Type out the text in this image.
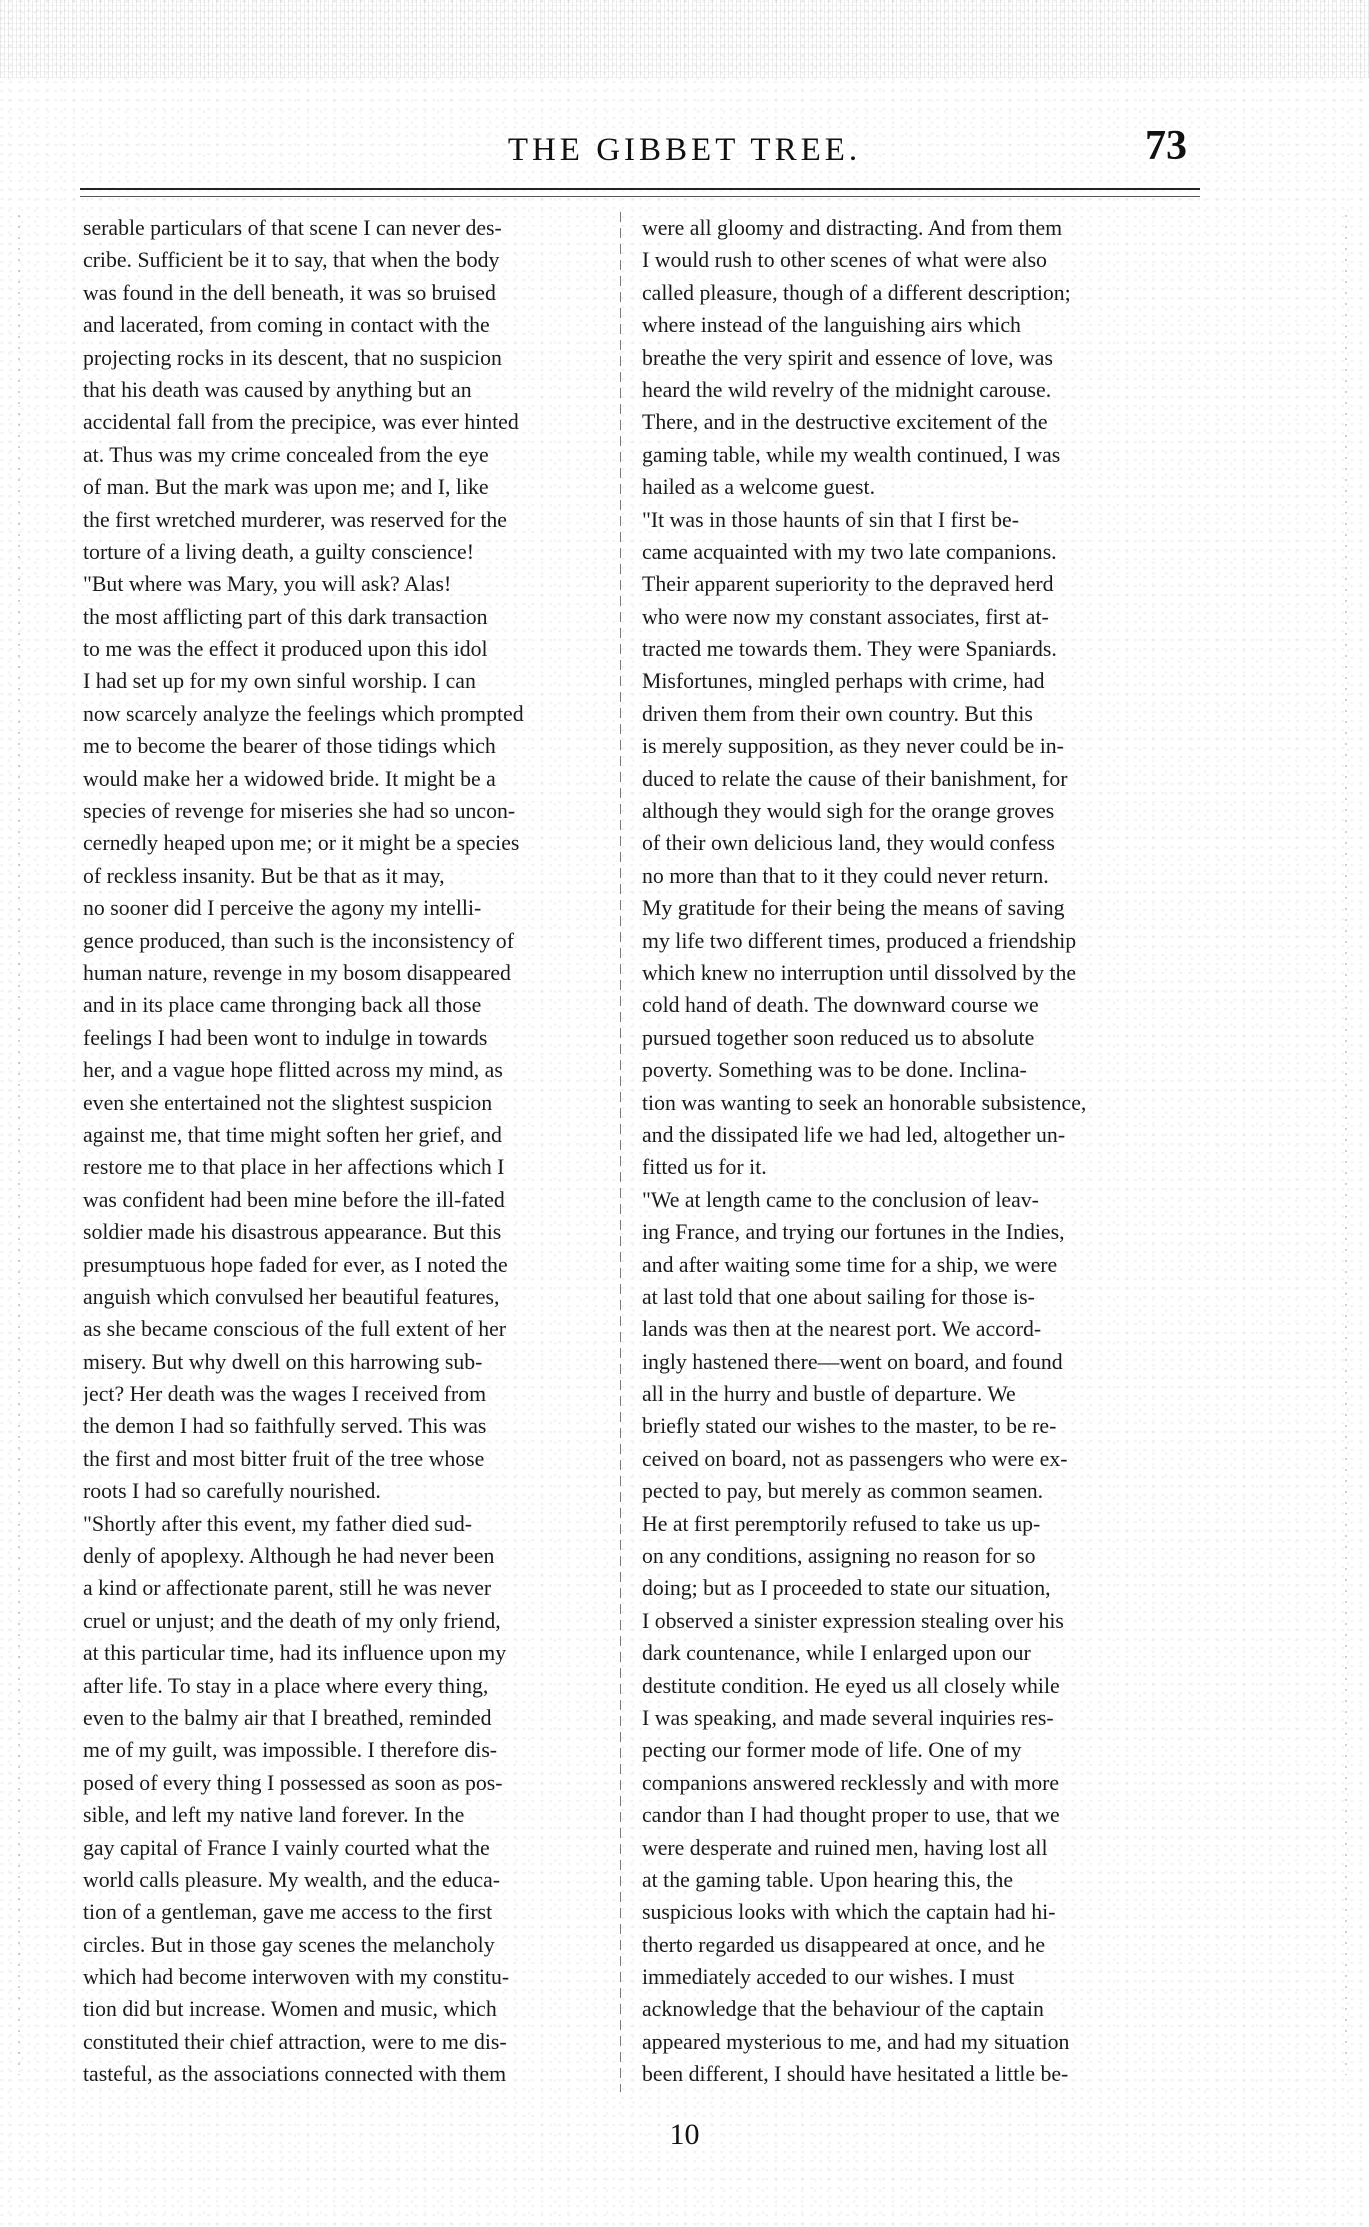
THE GIBBET TREE.	73
serable particulars of that scene I can never des-
cribe. Sufficient be it to say, that when the body
was found in the dell beneath, it was so bruised
and lacerated, from coming in contact with the
projecting rocks in its descent, that no suspicion
that his death was caused by anything but an
accidental fall from the precipice, was ever hinted
at. Thus was my crime concealed from the eye
of man. But the mark was upon me; and I, like
the first wretched murderer, was reserved for the
torture of a living death, a guilty conscience!
"But where was Mary, you will ask? Alas!
the most afflicting part of this dark transaction
to me was the effect it produced upon this idol
I had set up for my own sinful worship. I can
now scarcely analyze the feelings which prompted
me to become the bearer of those tidings which
would make her a widowed bride. It might be a
species of revenge for miseries she had so uncon-
cernedly heaped upon me; or it might be a species
of reckless insanity. But be that as it may,
no sooner did I perceive the agony my intelli-
gence produced, than such is the inconsistency of
human nature, revenge in my bosom disappeared
and in its place came thronging back all those
feelings I had been wont to indulge in towards
her, and a vague hope flitted across my mind, as
even she entertained not the slightest suspicion
against me, that time might soften her grief, and
restore me to that place in her affections which I
was confident had been mine before the ill-fated
soldier made his disastrous appearance. But this
presumptuous hope faded for ever, as I noted the
anguish which convulsed her beautiful features,
as she became conscious of the full extent of her
misery. But why dwell on this harrowing sub-
ject? Her death was the wages I received from
the demon I had so faithfully served. This was
the first and most bitter fruit of the tree whose
roots I had so carefully nourished.
"Shortly after this event, my father died sud-
denly of apoplexy. Although he had never been
a kind or affectionate parent, still he was never
cruel or unjust; and the death of my only friend,
at this particular time, had its influence upon my
after life. To stay in a place where every thing,
even to the balmy air that I breathed, reminded
me of my guilt, was impossible. I therefore dis-
posed of every thing I possessed as soon as pos-
sible, and left my native land forever. In the
gay capital of France I vainly courted what the
world calls pleasure. My wealth, and the educa-
tion of a gentleman, gave me access to the first
circles. But in those gay scenes the melancholy
which had become interwoven with my constitu-
tion did but increase. Women and music, which
constituted their chief attraction, were to me dis-
tasteful, as the associations connected with them
were all gloomy and distracting. And from them
I would rush to other scenes of what were also
called pleasure, though of a different description;
where instead of the languishing airs which
breathe the very spirit and essence of love, was
heard the wild revelry of the midnight carouse.
There, and in the destructive excitement of the
gaming table, while my wealth continued, I was
hailed as a welcome guest.
"It was in those haunts of sin that I first be-
came acquainted with my two late companions.
Their apparent superiority to the depraved herd
who were now my constant associates, first at-
tracted me towards them. They were Spaniards.
Misfortunes, mingled perhaps with crime, had
driven them from their own country. But this
is merely supposition, as they never could be in-
duced to relate the cause of their banishment, for
although they would sigh for the orange groves
of their own delicious land, they would confess
no more than that to it they could never return.
My gratitude for their being the means of saving
my life two different times, produced a friendship
which knew no interruption until dissolved by the
cold hand of death. The downward course we
pursued together soon reduced us to absolute
poverty. Something was to be done. Inclina-
tion was wanting to seek an honorable subsistence,
and the dissipated life we had led, altogether un-
fitted us for it.
"We at length came to the conclusion of leav-
ing France, and trying our fortunes in the Indies,
and after waiting some time for a ship, we were
at last told that one about sailing for those is-
lands was then at the nearest port. We accord-
ingly hastened there—went on board, and found
all in the hurry and bustle of departure. We
briefly stated our wishes to the master, to be re-
ceived on board, not as passengers who were ex-
pected to pay, but merely as common seamen.
He at first peremptorily refused to take us up-
on any conditions, assigning no reason for so
doing; but as I proceeded to state our situation,
I observed a sinister expression stealing over his
dark countenance, while I enlarged upon our
destitute condition. He eyed us all closely while
I was speaking, and made several inquiries res-
pecting our former mode of life. One of my
companions answered recklessly and with more
candor than I had thought proper to use, that we
were desperate and ruined men, having lost all
at the gaming table. Upon hearing this, the
suspicious looks with which the captain had hi-
therto regarded us disappeared at once, and he
immediately acceded to our wishes. I must
acknowledge that the behaviour of the captain
appeared mysterious to me, and had my situation
been different, I should have hesitated a little be-
10
